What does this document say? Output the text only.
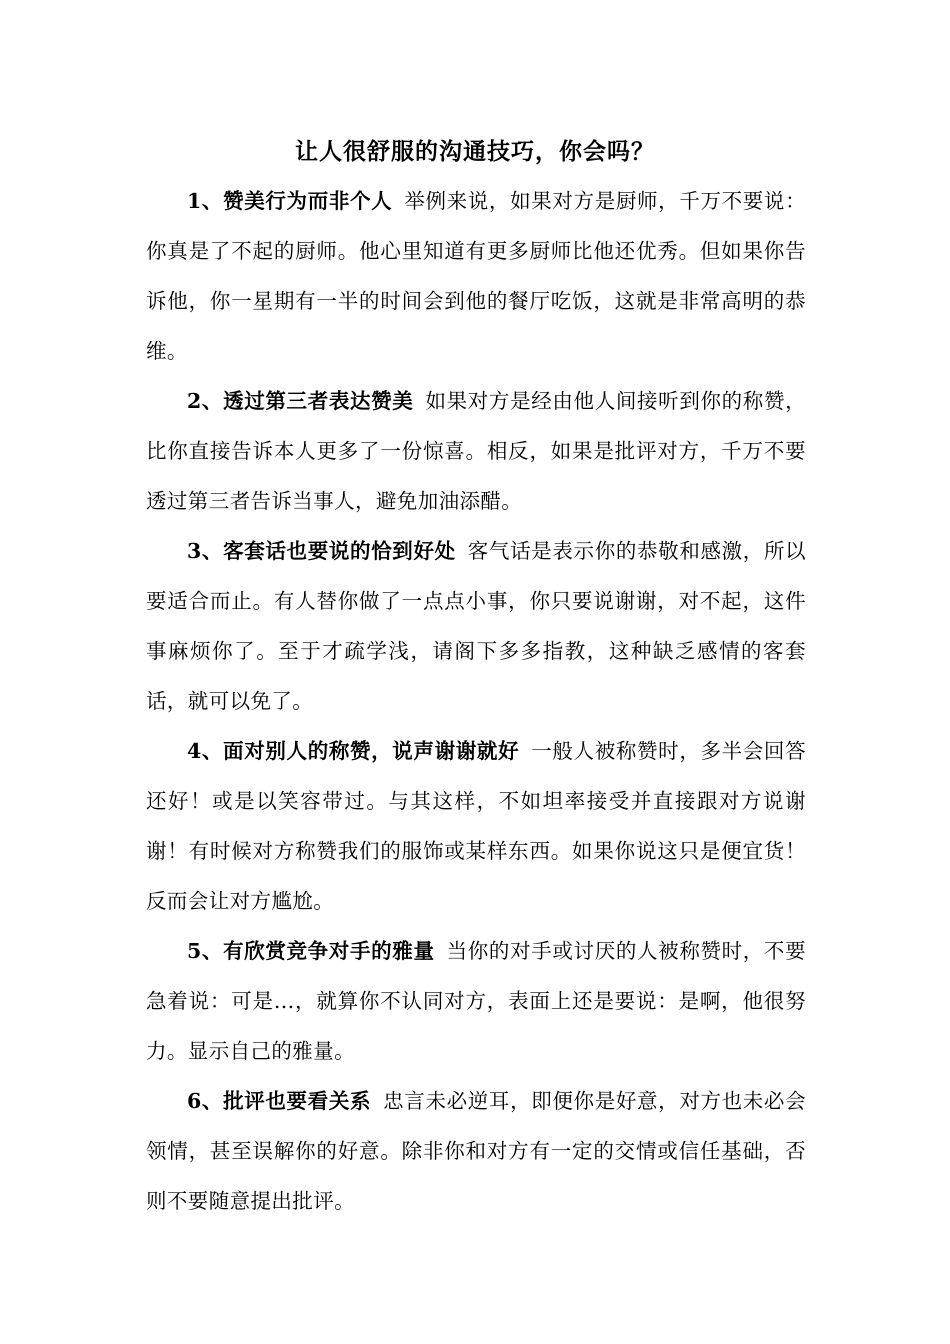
让人很舒服的沟通技巧，你会吗？

1、赞美行为而非个人 举例来说，如果对方是厨师，千万不要说：你真是了不起的厨师。他心里知道有更多厨师比他还优秀。但如果你告诉他，你一星期有一半的时间会到他的餐厅吃饭，这就是非常高明的恭维。

2、透过第三者表达赞美 如果对方是经由他人间接听到你的称赞，比你直接告诉本人更多了一份惊喜。相反，如果是批评对方，千万不要透过第三者告诉当事人，避免加油添醋。

3、客套话也要说的恰到好处 客气话是表示你的恭敬和感激，所以要适合而止。有人替你做了一点点小事，你只要说谢谢，对不起，这件事麻烦你了。至于才疏学浅，请阁下多多指教，这种缺乏感情的客套话，就可以免了。

4、面对别人的称赞，说声谢谢就好 一般人被称赞时，多半会回答还好！或是以笑容带过。与其这样，不如坦率接受并直接跟对方说谢谢！有时候对方称赞我们的服饰或某样东西。如果你说这只是便宜货！反而会让对方尴尬。

5、有欣赏竞争对手的雅量 当你的对手或讨厌的人被称赞时，不要急着说：可是...，就算你不认同对方，表面上还是要说：是啊，他很努力。显示自己的雅量。

6、批评也要看关系 忠言未必逆耳，即便你是好意，对方也未必会领情，甚至误解你的好意。除非你和对方有一定的交情或信任基础，否则不要随意提出批评。
